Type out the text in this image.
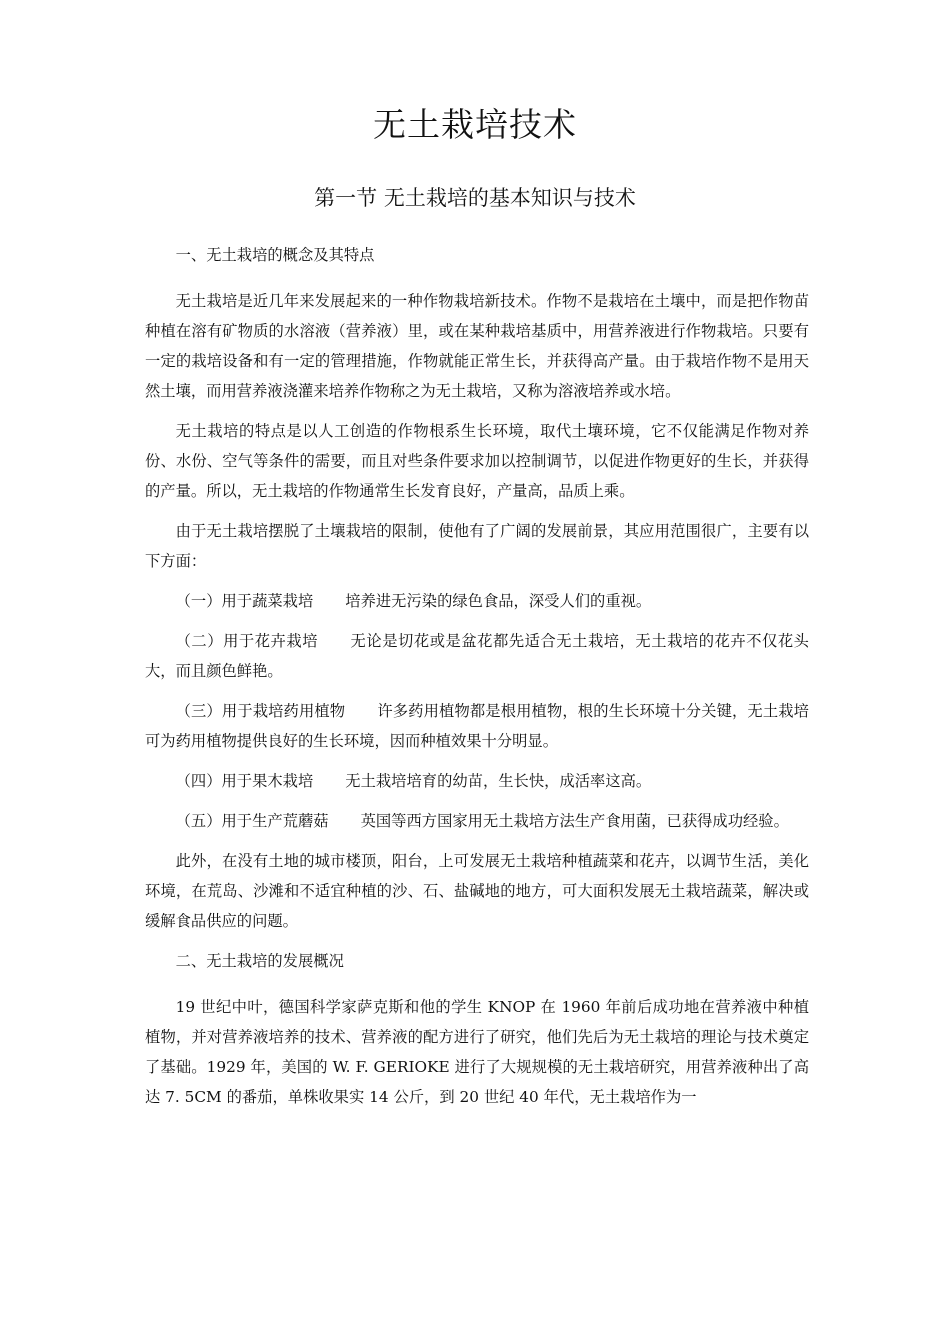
无土栽培技术
第一节 无土栽培的基本知识与技术

一、无土栽培的概念及其特点

无土栽培是近几年来发展起来的一种作物栽培新技术。作物不是栽培在土壤中，而是把作物苗种植在溶有矿物质的水溶液（营养液）里，或在某种栽培基质中，用营养液进行作物栽培。只要有一定的栽培设备和有一定的管理措施，作物就能正常生长，并获得高产量。由于栽培作物不是用天然土壤，而用营养液浇灌来培养作物称之为无土栽培，又称为溶液培养或水培。

无土栽培的特点是以人工创造的作物根系生长环境，取代土壤环境，它不仅能满足作物对养份、水份、空气等条件的需要，而且对些条件要求加以控制调节，以促进作物更好的生长，并获得的产量。所以，无土栽培的作物通常生长发育良好，产量高，品质上乘。

由于无土栽培摆脱了土壤栽培的限制，使他有了广阔的发展前景，其应用范围很广，主要有以下方面：

（一）用于蔬菜栽培 培养进无污染的绿色食品，深受人们的重视。

（二）用于花卉栽培 无论是切花或是盆花都先适合无土栽培，无土栽培的花卉不仅花头大，而且颜色鲜艳。

（三）用于栽培药用植物 许多药用植物都是根用植物，根的生长环境十分关键，无土栽培可为药用植物提供良好的生长环境，因而种植效果十分明显。

（四）用于果木栽培 无土栽培培育的幼苗，生长快，成活率这高。

（五）用于生产荒蘑菇 英国等西方国家用无土栽培方法生产食用菌，已获得成功经验。

此外，在没有土地的城市楼顶，阳台，上可发展无土栽培种植蔬菜和花卉，以调节生活，美化环境，在荒岛、沙滩和不适宜种植的沙、石、盐碱地的地方，可大面积发展无土栽培蔬菜，解决或缓解食品供应的问题。

二、无土栽培的发展概况

19 世纪中叶，德国科学家萨克斯和他的学生 KNOP 在 1960 年前后成功地在营养液中种植植物，并对营养液培养的技术、营养液的配方进行了研究，他们先后为无土栽培的理论与技术奠定了基础。1929 年，美国的 W. F. GERIOKE 进行了大规规模的无土栽培研究，用营养液种出了高达 7. 5CM 的番茄，单株收果实 14 公斤，到 20 世纪 40 年代，无土栽培作为一
